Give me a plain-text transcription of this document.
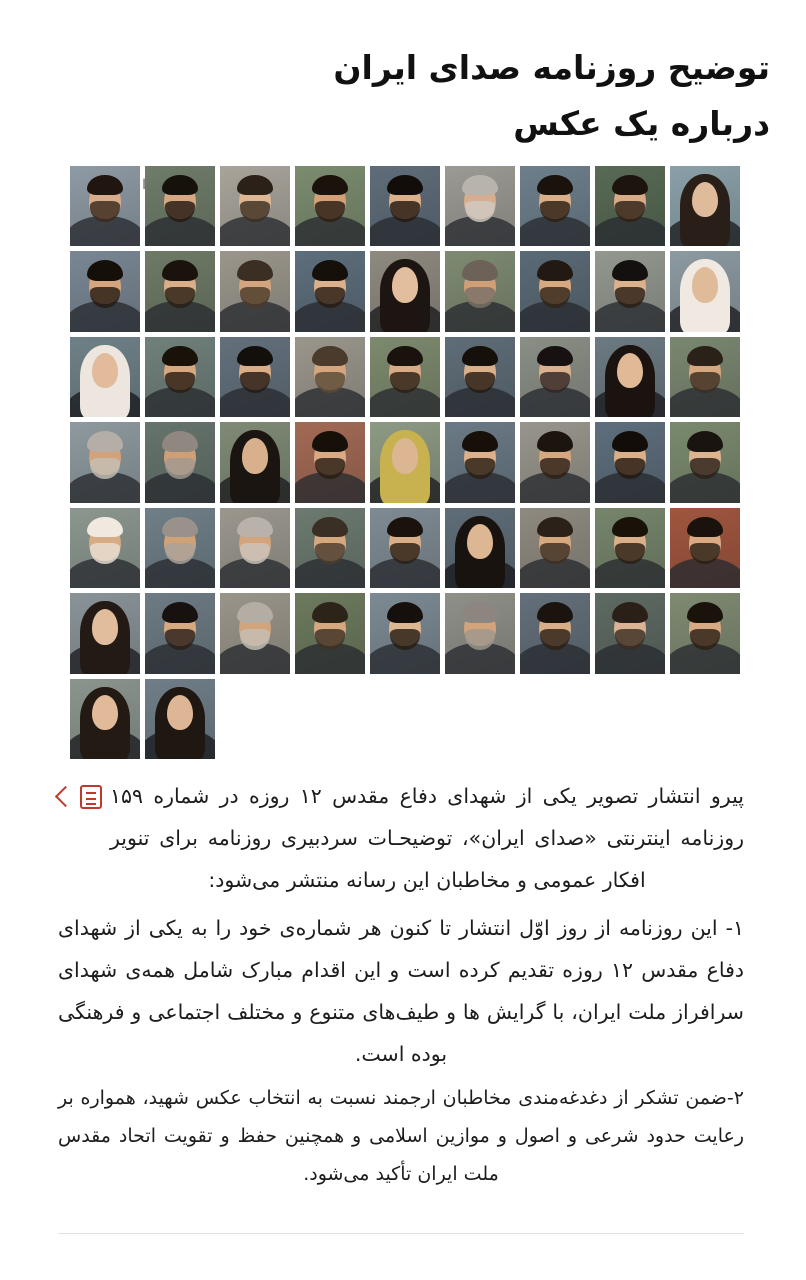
توضیح روزنامه صدای ایران
درباره یک عکس

پیرو انتشار تصویر یکی از شهدای دفاع مقدس ۱۲ روزه در شماره ۱۵۹ روزنامه اینترنتی «صدای ایران»، توضیحـات سردبیری روزنامه برای تنویر افکار عمومی و مخاطبان این رسانه منتشر می‌شود:

۱- این روزنامه از روز اوّل انتشار تا کنون هر شماره‌ی خود را به یکی از شهدای دفاع مقدس ۱۲ روزه تقدیم کرده است و این اقدام مبارک شامل همه‌ی شهدای سرافراز ملت ایران، با گرایش ها و طیف‌های متنوع و مختلف اجتماعی و فرهنگی بوده است.

۲-ضمن تشکر از دغدغه‌مندی مخاطبان ارجمند نسبت به انتخاب عکس شهید، همواره بر رعایت حدود شرعی و اصول و موازین اسلامی و همچنین حفظ و تقویت اتحاد مقدس ملت ایران تأکید می‌شود.
